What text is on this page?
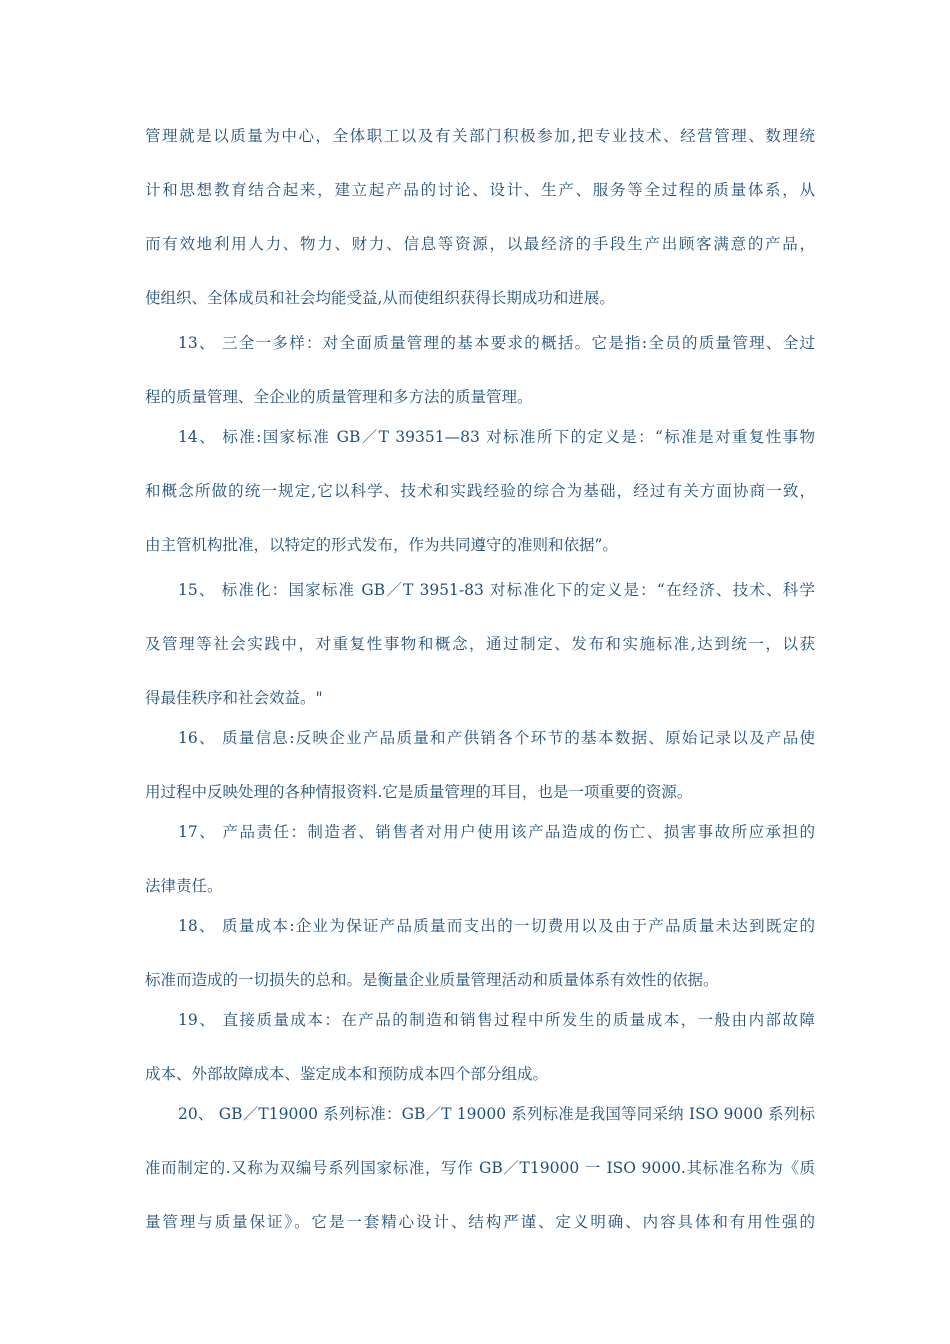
管理就是以质量为中心，全体职工以及有关部门积极参加,把专业技术、经营管理、数理统
计和思想教育结合起来，建立起产品的讨论、设计、生产、服务等全过程的质量体系，从
而有效地利用人力、物力、财力、信息等资源，以最经济的手段生产出顾客满意的产品，
使组织、全体成员和社会均能受益,从而使组织获得长期成功和进展。
13、 三全一多样：对全面质量管理的基本要求的概括。它是指:全员的质量管理、全过
程的质量管理、全企业的质量管理和多方法的质量管理。
14、 标准:国家标准 GB／T 39351—83 对标准所下的定义是：“标准是对重复性事物
和概念所做的统一规定,它以科学、技术和实践经验的综合为基础，经过有关方面协商一致，
由主管机构批准，以特定的形式发布，作为共同遵守的准则和依据”。
15、 标准化：国家标准 GB／T 3951-83 对标准化下的定义是：“在经济、技术、科学
及管理等社会实践中，对重复性事物和概念，通过制定、发布和实施标准,达到统一，以获
得最佳秩序和社会效益。"
16、 质量信息:反映企业产品质量和产供销各个环节的基本数据、原始记录以及产品使
用过程中反映处理的各种情报资料.它是质量管理的耳目，也是一项重要的资源。
17、 产品责任：制造者、销售者对用户使用该产品造成的伤亡、损害事故所应承担的
法律责任。
18、 质量成本:企业为保证产品质量而支出的一切费用以及由于产品质量未达到既定的
标准而造成的一切损失的总和。是衡量企业质量管理活动和质量体系有效性的依据。
19、 直接质量成本：在产品的制造和销售过程中所发生的质量成本，一般由内部故障
成本、外部故障成本、鉴定成本和预防成本四个部分组成。
20、 GB／T19000 系列标准：GB／T 19000 系列标准是我国等同采纳 ISO 9000 系列标
准而制定的.又称为双编号系列国家标准，写作 GB／T19000 一 ISO 9000.其标准名称为《质
量管理与质量保证》。它是一套精心设计、结构严谨、定义明确、内容具体和有用性强的
